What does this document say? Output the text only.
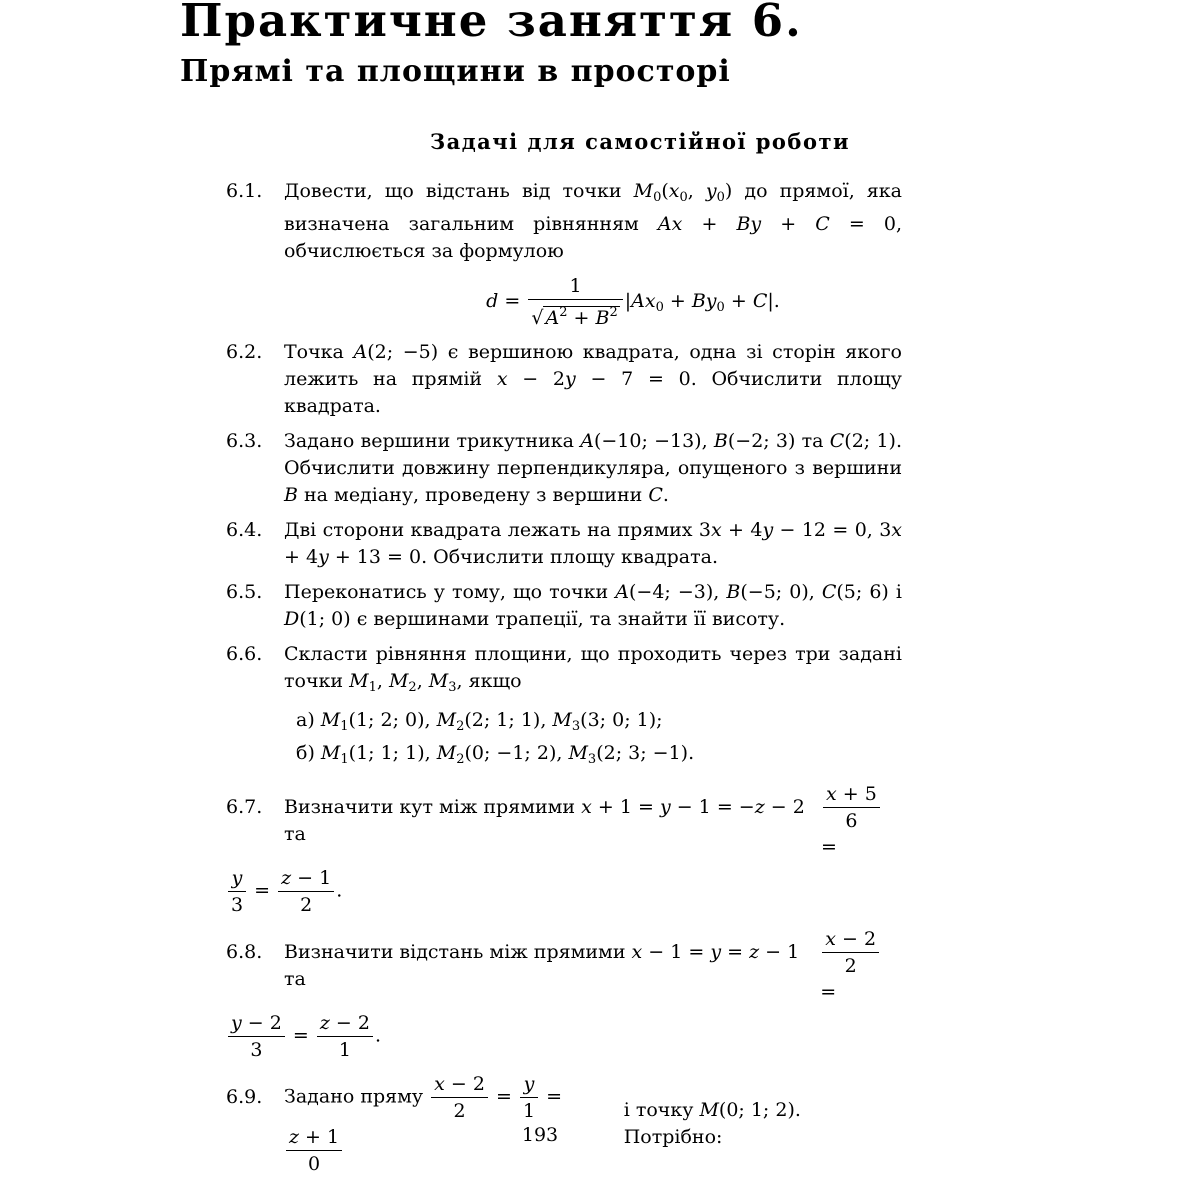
Практичне заняття 6.
Прямі та площини в просторі
Задачі для самостійної роботи
6.1. Довести, що відстань від точки $M_0(x_0$, $y_0$) до прямої, яка визначена загальним рівнянням Ax + By + C = 0, обчислюється за формулою
$d = \frac{1}{√ A^2 + B^2} |Ax_0 + By_0 + C|$.
6.2. Точка A(2; −5) є вершиною квадрата, одна зі сторін якого лежить на прямій x − 2y − 7 = 0. Обчислити площу квадрата.
6.3. Задано вершини трикутника A(−10; −13), B(−2; 3) та C(2; 1). Обчислити довжину перпендикуляра, опущеного з вершини B на медіану, проведену з вершини C.
6.4. Дві сторони квадрата лежать на прямих 3x + 4y − 12 = 0, 3x + 4y + 13 = 0. Обчислити площу квадрата.
6.5. Переконатись у тому, що точки A(−4; −3), B(−5; 0), C(5; 6) і D(1; 0) є вершинами трапеції, та знайти її висоту.
6.6. Скласти рівняння площини, що проходить через три задані точки $M_1$, $M_2$, $M_3$, якщо
а) $M_1(1$; 2; 0), $M_2(2$; 1; 1), $M_3(3$; 0; 1);
б) $M_1(1$; 1; 1), $M_2(0$; −1; 2), $M_3(2$; 3; −1).
6.7. Визначити кут між прямими x + 1 = y − 1 = −z − 2 та	$\frac{x + 5}{6}$
=
$\frac{y}{3} = \frac{z - 1}{2}$ .
6.8. Визначити відстань між прямими x − 1 = y = z − 1 та	$\frac{x - 2}{2}$
=
$\frac{y - 2}{3} = \frac{z - 2}{1}$ .
6.9. Задано пряму $\frac{x - 2}{2} = \frac{y}{1}$ =
$\frac{z + 1}{0}$
і точку M(0; 1; 2). Потрібно:
193
